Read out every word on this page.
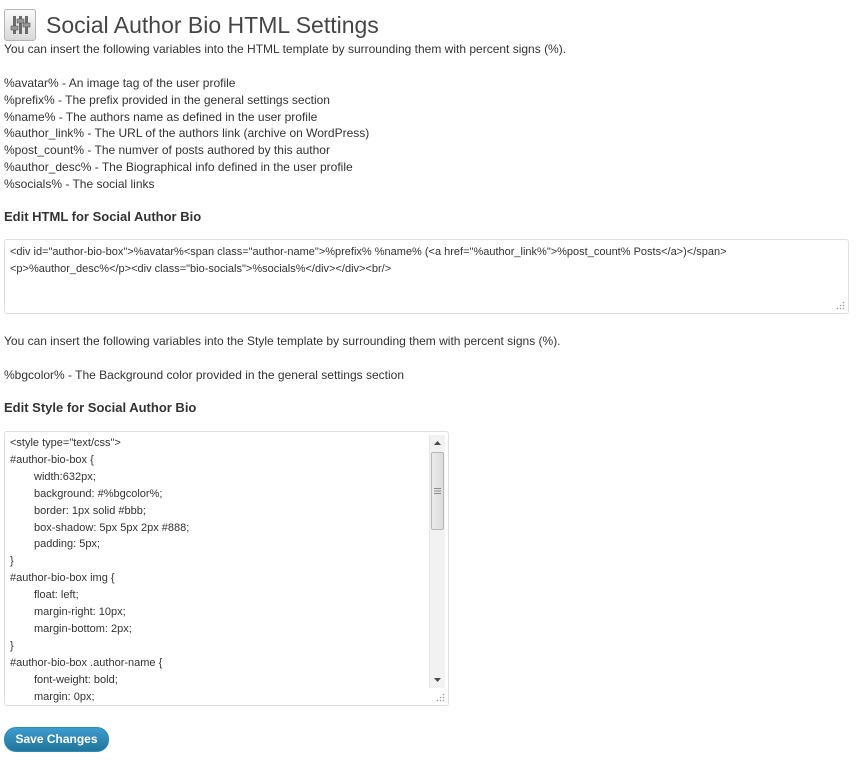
Social Author Bio HTML Settings
You can insert the following variables into the HTML template by surrounding them with percent signs (%).
%avatar% - An image tag of the user profile
%prefix% - The prefix provided in the general settings section
%name% - The authors name as defined in the user profile
%author_link% - The URL of the authors link (archive on WordPress)
%post_count% - The numver of posts authored by this author
%author_desc% - The Biographical info defined in the user profile
%socials% - The social links
Edit HTML for Social Author Bio
<div id="author-bio-box">%avatar%<span class="author-name">%prefix% %name% (<a href="%author_link%">%post_count% Posts</a>)</span>
<p>%author_desc%</p><div class="bio-socials">%socials%</div></div><br/>
You can insert the following variables into the Style template by surrounding them with percent signs (%).
%bgcolor% - The Background color provided in the general settings section
Edit Style for Social Author Bio
<style type="text/css">
#author-bio-box {
width:632px;
background: #%bgcolor%;
border: 1px solid #bbb;
box-shadow: 5px 5px 2px #888;
padding: 5px;
}
#author-bio-box img {
float: left;
margin-right: 10px;
margin-bottom: 2px;
}
#author-bio-box .author-name {
font-weight: bold;
margin: 0px;
Save Changes
